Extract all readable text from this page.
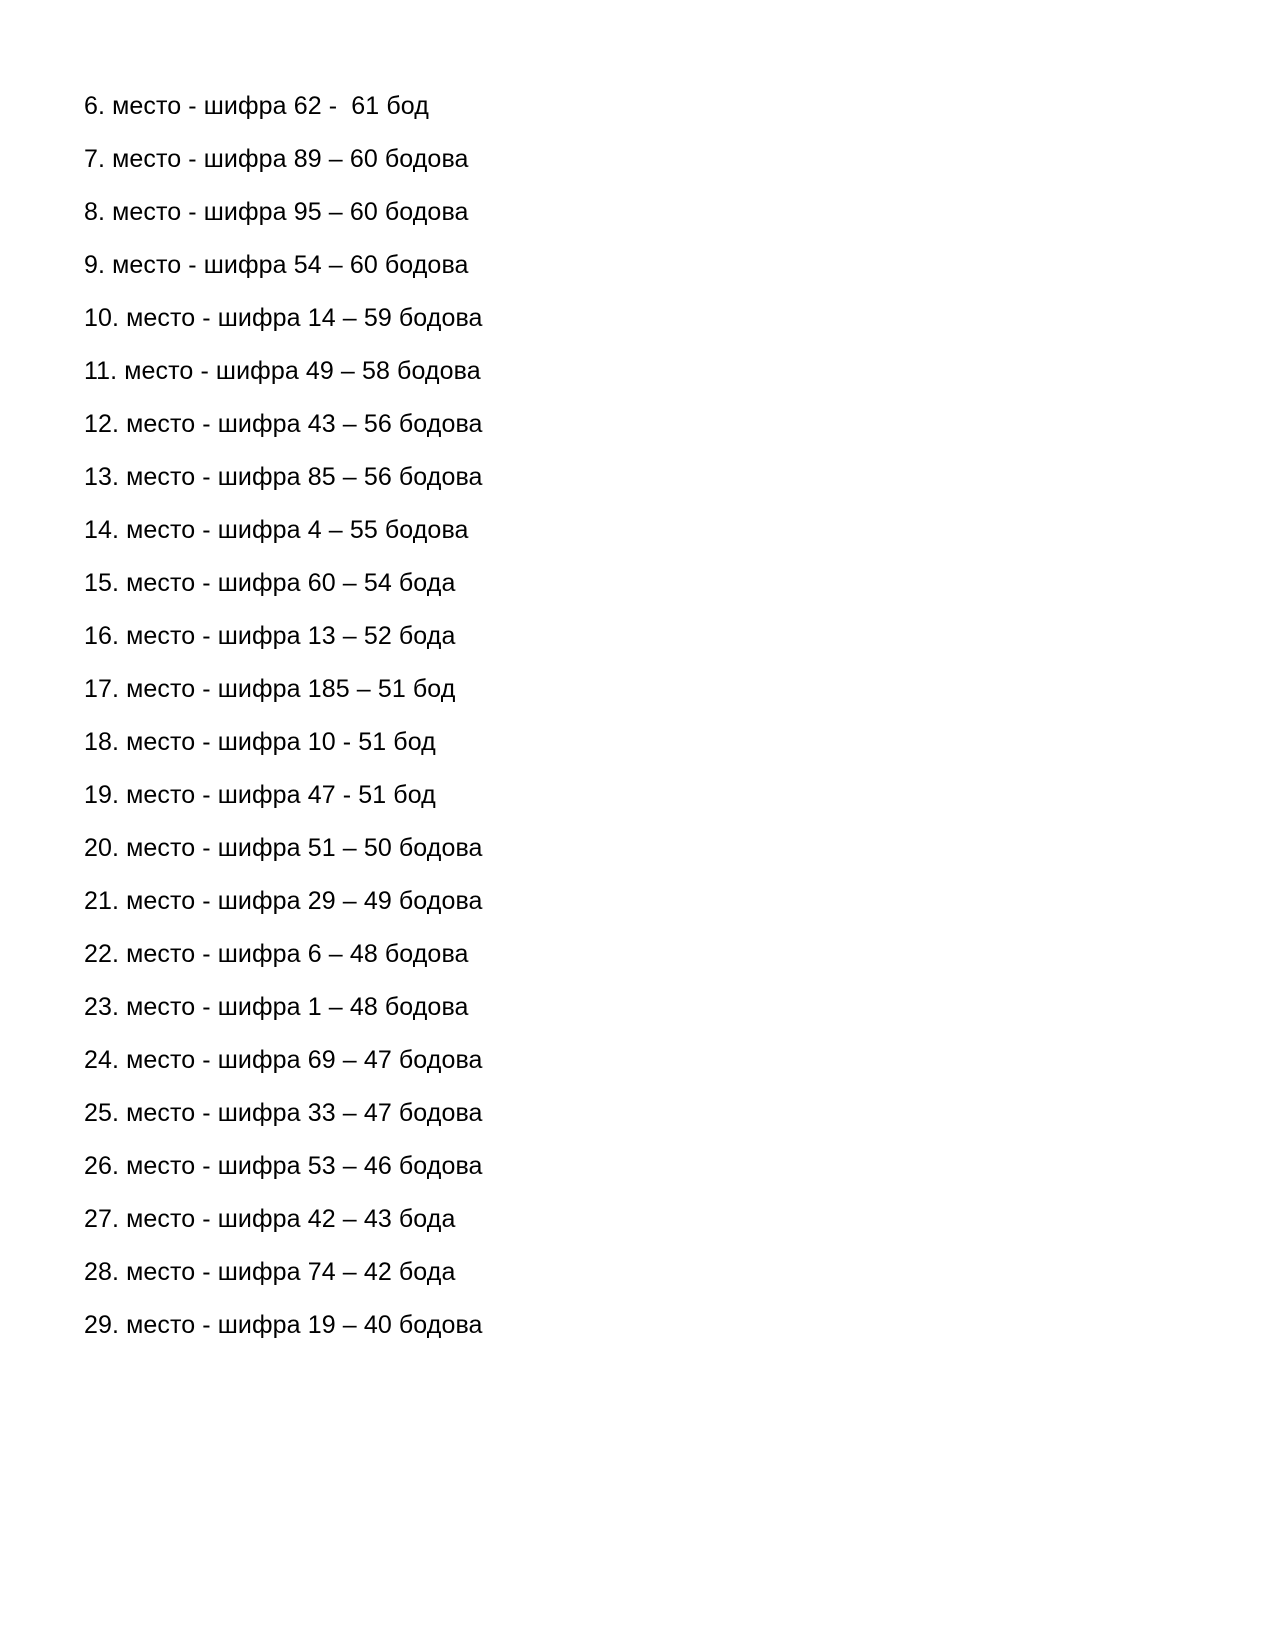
6. место - шифра 62 -  61 бод
7. место - шифра 89 – 60 бодова
8. место - шифра 95 – 60 бодова
9. место - шифра 54 – 60 бодова
10. место - шифра 14 – 59 бодова
11. место - шифра 49 – 58 бодова
12. место - шифра 43 – 56 бодова
13. место - шифра 85 – 56 бодова
14. место - шифра 4 – 55 бодова
15. место - шифра 60 – 54 бода
16. место - шифра 13 – 52 бода
17. место - шифра 185 – 51 бод
18. место - шифра 10 - 51 бод
19. место - шифра 47 - 51 бод
20. место - шифра 51 – 50 бодова
21. место - шифра 29 – 49 бодова
22. место - шифра 6 – 48 бодова
23. место - шифра 1 – 48 бодова
24. место - шифра 69 – 47 бодова
25. место - шифра 33 – 47 бодова
26. место - шифра 53 – 46 бодова
27. место - шифра 42 – 43 бода
28. место - шифра 74 – 42 бода
29. место - шифра 19 – 40 бодова
